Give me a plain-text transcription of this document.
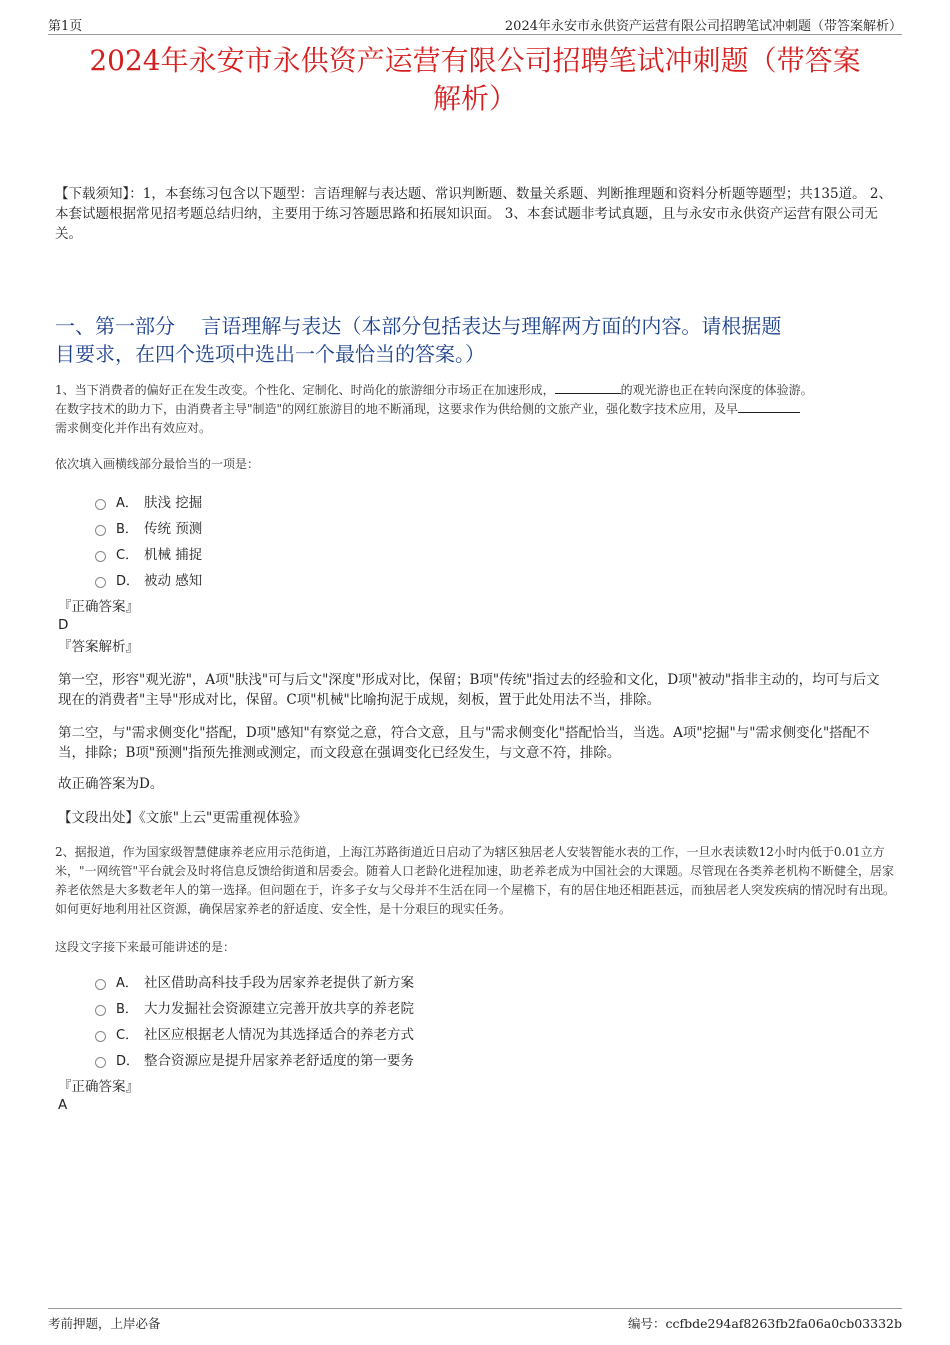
第1页	2024年永安市永供资产运营有限公司招聘笔试冲刺题（带答案解析）
2024年永安市永供资产运营有限公司招聘笔试冲刺题（带答案
解析）
【下载须知】：1，本套练习包含以下题型：言语理解与表达题、常识判断题、数量关系题、判断推理题和资料分析题等题型；共135道。 2、本套试题根据常见招考题总结归纳，主要用于练习答题思路和拓展知识面。 3、本套试题非考试真题，且与永安市永供资产运营有限公司无关。
一、第一部分　 言语理解与表达（本部分包括表达与理解两方面的内容。请根据题
目要求，在四个选项中选出一个最恰当的答案。）
1、当下消费者的偏好正在发生改变。个性化、定制化、时尚化的旅游细分市场正在加速形成，	的观光游也正在转向深度的体验游。
在数字技术的助力下，由消费者主导"制造"的网红旅游目的地不断涌现，这要求作为供给侧的文旅产业，强化数字技术应用，及早
需求侧变化并作出有效应对。
依次填入画横线部分最恰当的一项是：
A． 肤浅 挖掘
B． 传统 预测
C． 机械 捕捉
D． 被动 感知
『正确答案』
D
『答案解析』
第一空，形容"观光游"，A项"肤浅"可与后文"深度"形成对比，保留；B项"传统"指过去的经验和文化，D项"被动"指非主动的，均可与后文现在的消费者"主导"形成对比，保留。C项"机械"比喻拘泥于成规，刻板，置于此处用法不当，排除。
第二空，与"需求侧变化"搭配，D项"感知"有察觉之意，符合文意，且与"需求侧变化"搭配恰当，当选。A项"挖掘"与"需求侧变化"搭配不当，排除；B项"预测"指预先推测或测定，而文段意在强调变化已经发生，与文意不符，排除。
故正确答案为D。
【文段出处】《文旅"上云"更需重视体验》
2、据报道，作为国家级智慧健康养老应用示范街道，上海江苏路街道近日启动了为辖区独居老人安装智能水表的工作，一旦水表读数12小时内低于0.01立方米，"一网统管"平台就会及时将信息反馈给街道和居委会。随着人口老龄化进程加速，助老养老成为中国社会的大课题。尽管现在各类养老机构不断健全，居家养老依然是大多数老年人的第一选择。但问题在于，许多子女与父母并不生活在同一个屋檐下，有的居住地还相距甚远，而独居老人突发疾病的情况时有出现。如何更好地利用社区资源，确保居家养老的舒适度、安全性，是十分艰巨的现实任务。
这段文字接下来最可能讲述的是：
A． 社区借助高科技手段为居家养老提供了新方案
B． 大力发掘社会资源建立完善开放共享的养老院
C． 社区应根据老人情况为其选择适合的养老方式
D． 整合资源应是提升居家养老舒适度的第一要务
『正确答案』
A
考前押题，上岸必备	编号：ccfbde294af8263fb2fa06a0cb03332b
